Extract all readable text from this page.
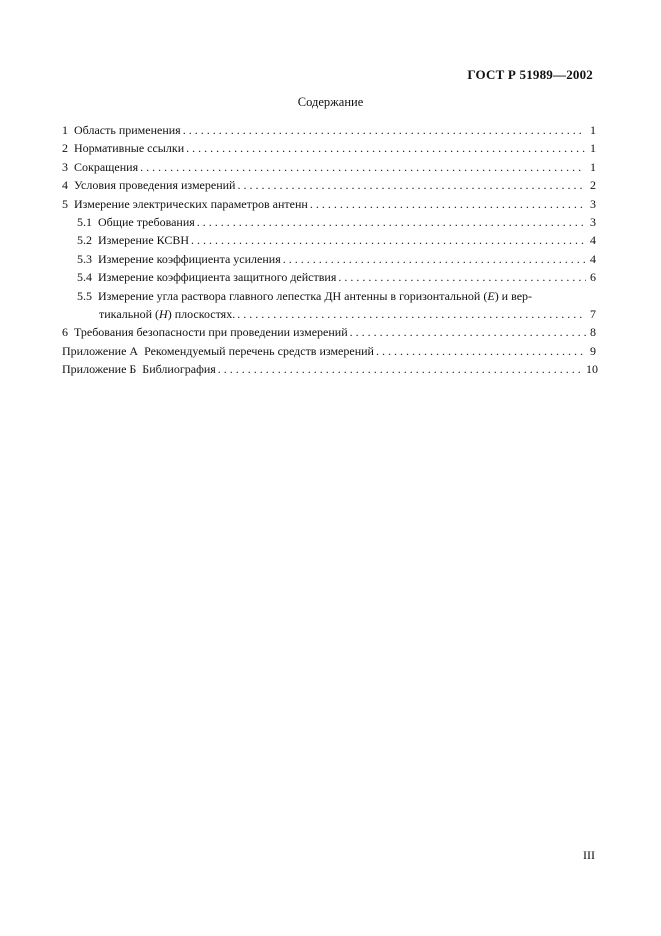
ГОСТ Р 51989—2002
Содержание
1 Область применения . . .	1
2 Нормативные ссылки . . .	1
3 Сокращения . . .	1
4 Условия проведения измерений . . .	2
5 Измерение электрических параметров антенн . . .	3
5.1 Общие требования . . .	3
5.2 Измерение КСВН . . .	4
5.3 Измерение коэффициента усиления . . .	4
5.4 Измерение коэффициента защитного действия . . .	6
5.5 Измерение угла раствора главного лепестка ДН антенны в горизонтальной (E) и вер-
тикальной (H) плоскостях. . . .	7
6 Требования безопасности при проведении измерений . . .	8
Приложение А Рекомендуемый перечень средств измерений . . .	9
Приложение Б Библиография . . .	10
III
